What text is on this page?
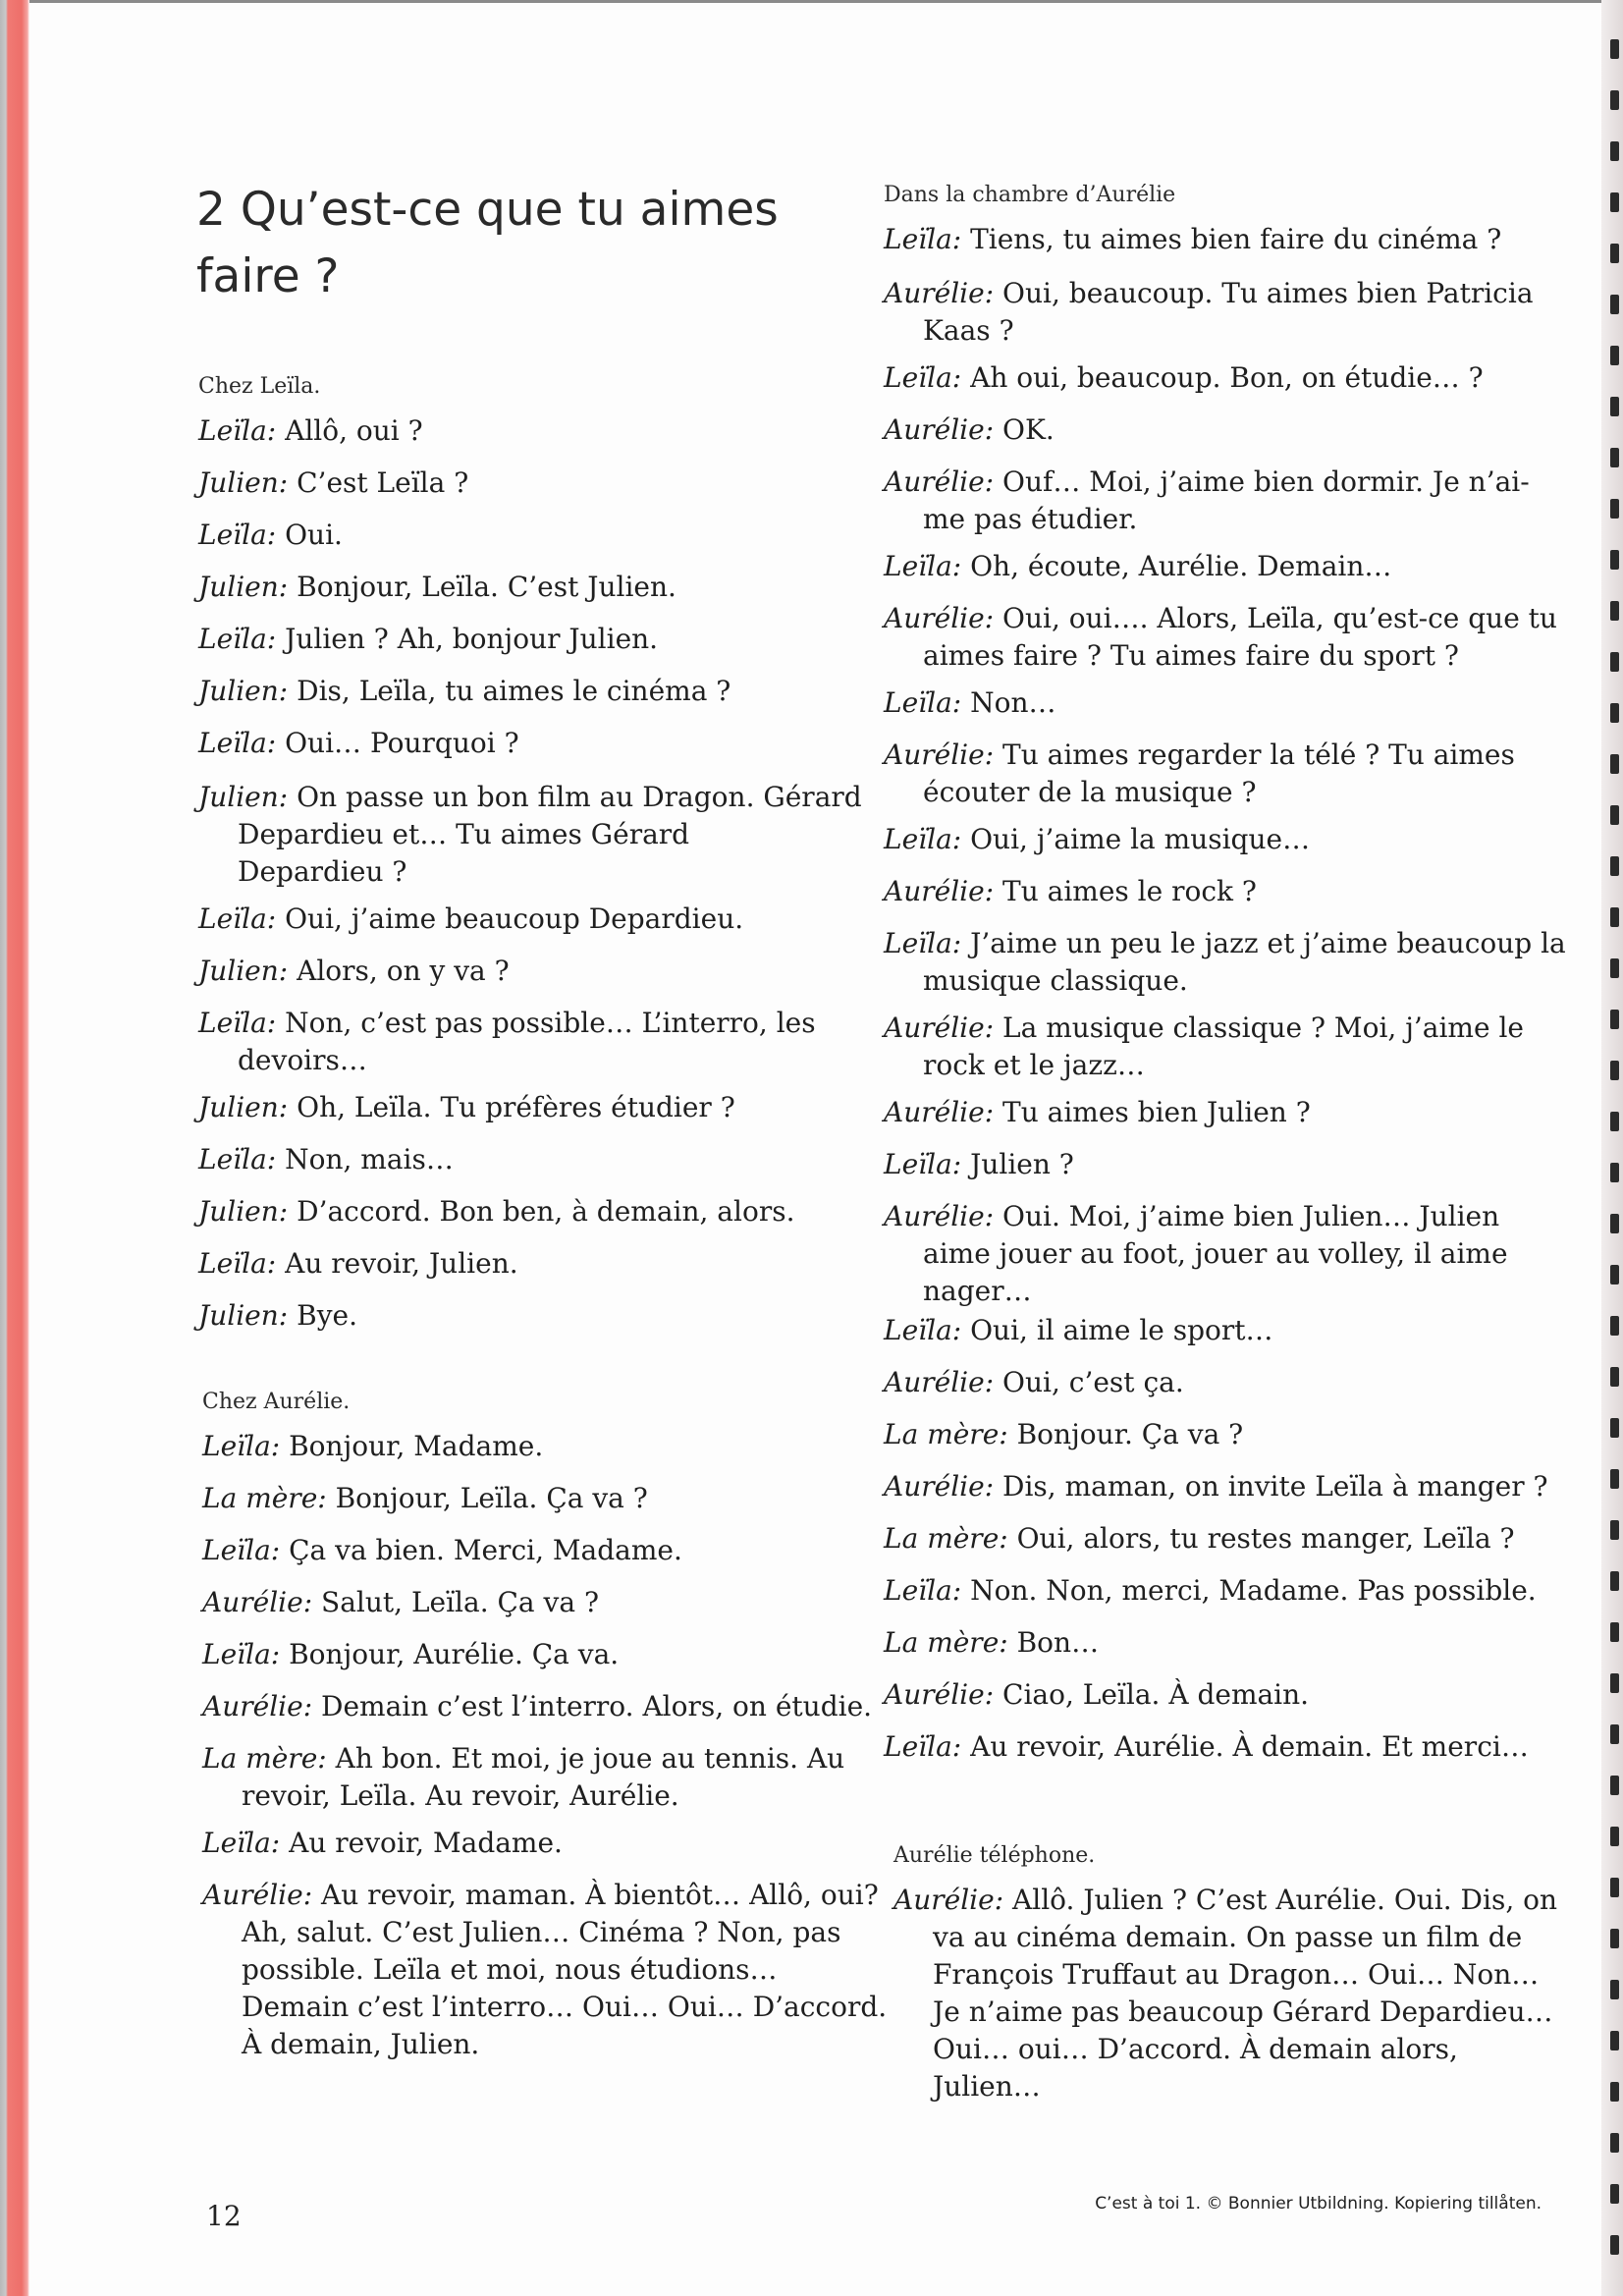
2 Qu’est-ce que tu aimes faire ?

Chez Leïla.

Leïla: Allô, oui ?

Julien: C’est Leïla ?

Leïla: Oui.

Julien: Bonjour, Leïla. C’est Julien.

Leïla: Julien ? Ah, bonjour Julien.

Julien: Dis, Leïla, tu aimes le cinéma ?

Leïla: Oui… Pourquoi ?

Julien: On passe un bon film au Dragon. Gérard Depardieu et… Tu aimes Gérard Depardieu ?

Leïla: Oui, j’aime beaucoup Depardieu.

Julien: Alors, on y va ?

Leïla: Non, c’est pas possible… L’interro, les devoirs…

Julien: Oh, Leïla. Tu préfères étudier ?

Leïla: Non, mais…

Julien: D’accord. Bon ben, à demain, alors.

Leïla: Au revoir, Julien.

Julien: Bye.

Chez Aurélie.

Leïla: Bonjour, Madame.

La mère: Bonjour, Leïla. Ça va ?

Leïla: Ça va bien. Merci, Madame.

Aurélie: Salut, Leïla. Ça va ?

Leïla: Bonjour, Aurélie. Ça va.

Aurélie: Demain c’est l’interro. Alors, on étudie.

La mère: Ah bon. Et moi, je joue au tennis. Au revoir, Leïla. Au revoir, Aurélie.

Leïla: Au revoir, Madame.

Aurélie: Au revoir, maman. À bientôt… Allô, oui? Ah, salut. C’est Julien… Cinéma ? Non, pas possible. Leïla et moi, nous étudions… Demain c’est l’interro… Oui… Oui… D’accord. À demain, Julien.

Dans la chambre d’Aurélie

Leïla: Tiens, tu aimes bien faire du cinéma ?

Aurélie: Oui, beaucoup. Tu aimes bien Patricia Kaas ?

Leïla: Ah oui, beaucoup. Bon, on étudie… ?

Aurélie: OK.

Aurélie: Ouf… Moi, j’aime bien dormir. Je n’ai-me pas étudier.

Leïla: Oh, écoute, Aurélie. Demain…

Aurélie: Oui, oui…. Alors, Leïla, qu’est-ce que tu aimes faire ? Tu aimes faire du sport ?

Leïla: Non…

Aurélie: Tu aimes regarder la télé ? Tu aimes écouter de la musique ?

Leïla: Oui, j’aime la musique…

Aurélie: Tu aimes le rock ?

Leïla: J’aime un peu le jazz et j’aime beaucoup la musique classique.

Aurélie: La musique classique ? Moi, j’aime le rock et le jazz…

Aurélie: Tu aimes bien Julien ?

Leïla: Julien ?

Aurélie: Oui. Moi, j’aime bien Julien… Julien aime jouer au foot, jouer au volley, il aime nager…

Leïla: Oui, il aime le sport…

Aurélie: Oui, c’est ça.

La mère: Bonjour. Ça va ?

Aurélie: Dis, maman, on invite Leïla à manger ?

La mère: Oui, alors, tu restes manger, Leïla ?

Leïla: Non. Non, merci, Madame. Pas possible.

La mère: Bon…

Aurélie: Ciao, Leïla. À demain.

Leïla: Au revoir, Aurélie. À demain. Et merci…

Aurélie téléphone.

Aurélie: Allô. Julien ? C’est Aurélie. Oui. Dis, on va au cinéma demain. On passe un film de François Truffaut au Dragon… Oui… Non… Je n’aime pas beaucoup Gérard Depardieu… Oui… oui… D’accord. À demain alors, Julien…

12	C’est à toi 1. © Bonnier Utbildning. Kopiering tillåten.
